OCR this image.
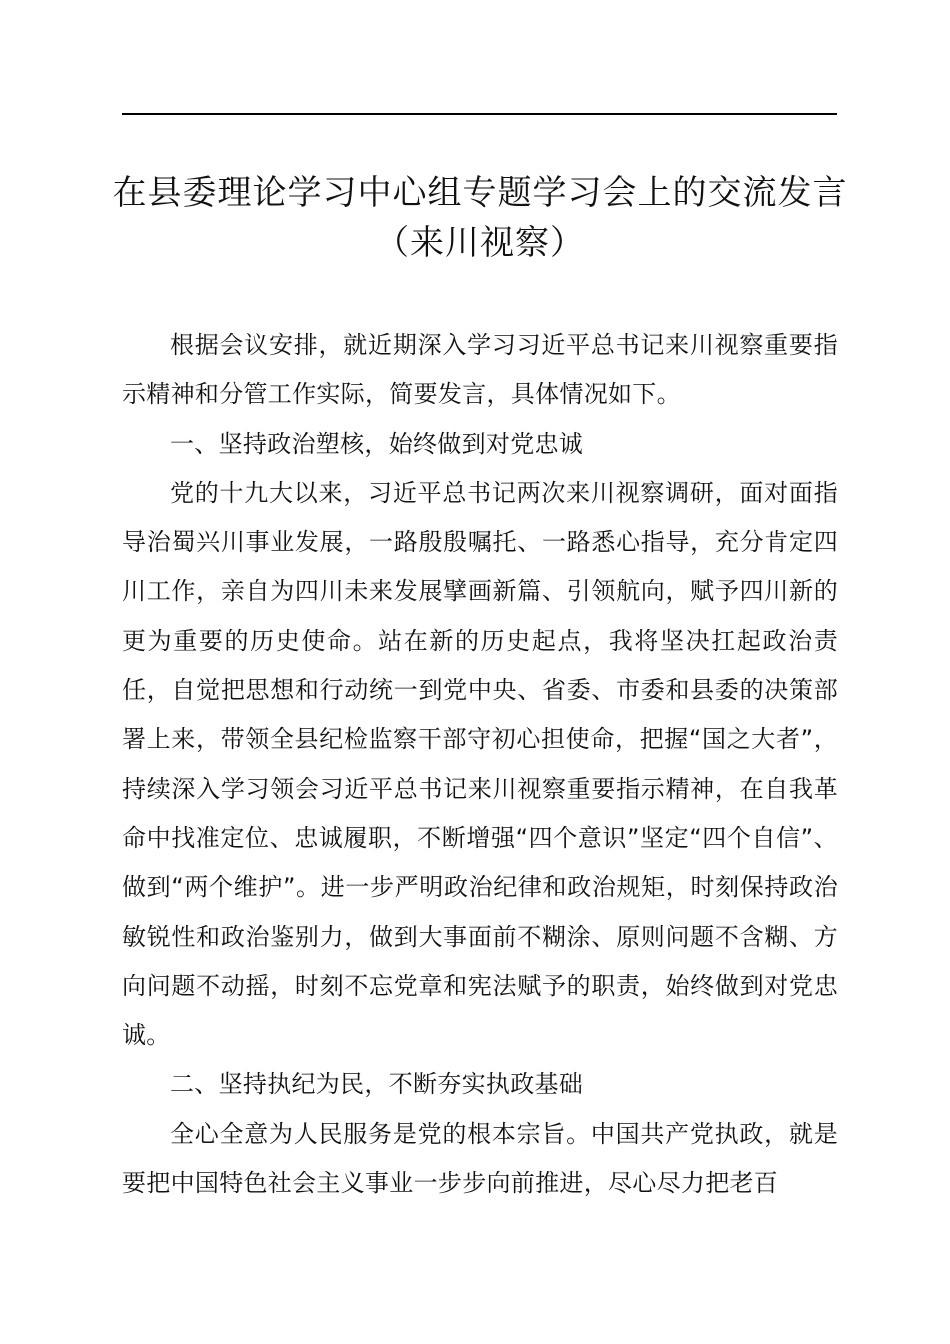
在县委理论学习中心组专题学习会上的交流发言（来川视察）

根据会议安排，就近期深入学习习近平总书记来川视察重要指示精神和分管工作实际，简要发言，具体情况如下。

一、坚持政治塑核，始终做到对党忠诚

党的十九大以来，习近平总书记两次来川视察调研，面对面指导治蜀兴川事业发展，一路殷殷嘱托、一路悉心指导，充分肯定四川工作，亲自为四川未来发展擘画新篇、引领航向，赋予四川新的更为重要的历史使命。站在新的历史起点，我将坚决扛起政治责任，自觉把思想和行动统一到党中央、省委、市委和县委的决策部署上来，带领全县纪检监察干部守初心担使命，把握“国之大者”，持续深入学习领会习近平总书记来川视察重要指示精神，在自我革命中找准定位、忠诚履职，不断增强“四个意识”坚定“四个自信”、做到“两个维护”。进一步严明政治纪律和政治规矩，时刻保持政治敏锐性和政治鉴别力，做到大事面前不糊涂、原则问题不含糊、方向问题不动摇，时刻不忘党章和宪法赋予的职责，始终做到对党忠诚。

二、坚持执纪为民，不断夯实执政基础

全心全意为人民服务是党的根本宗旨。中国共产党执政，就是要把中国特色社会主义事业一步步向前推进，尽心尽力把老百
